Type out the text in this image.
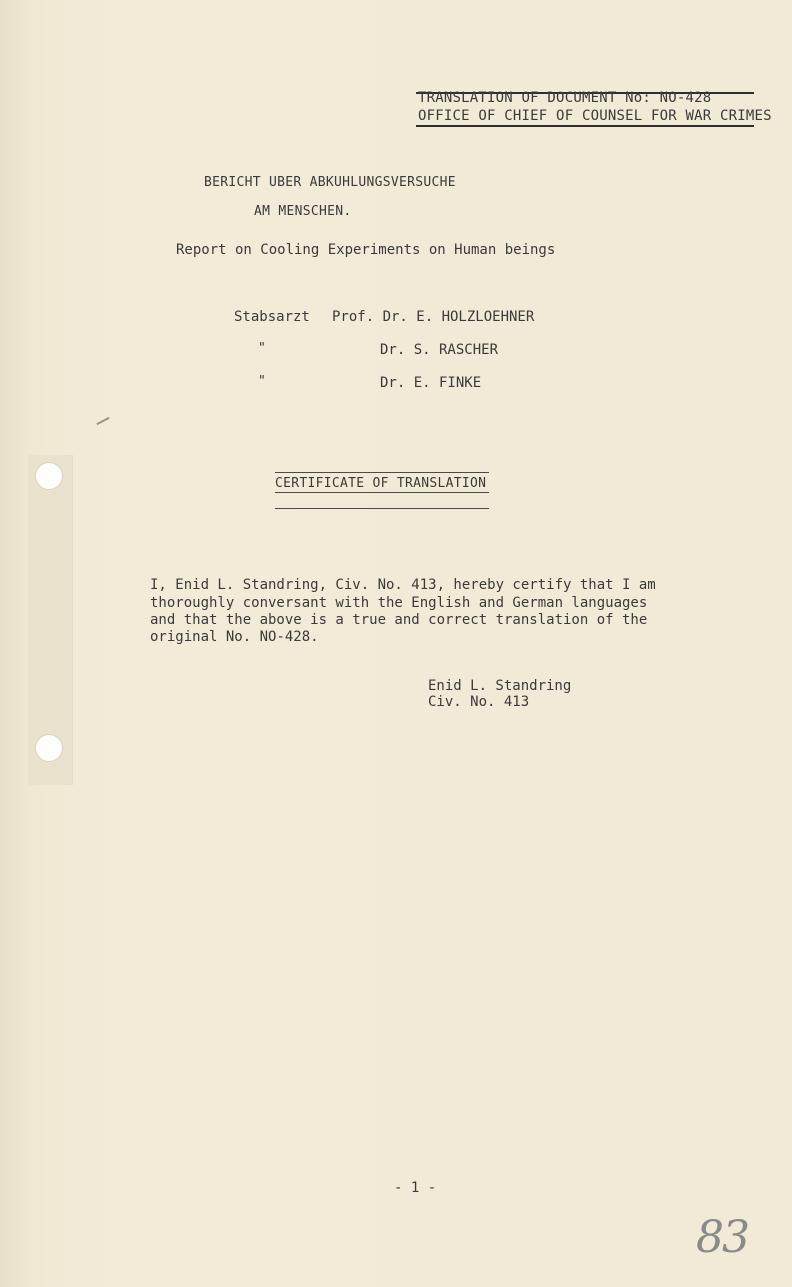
TRANSLATION OF DOCUMENT No: NO-428
OFFICE OF CHIEF OF COUNSEL FOR WAR CRIMES
BERICHT UBER ABKUHLUNGSVERSUCHE
AM MENSCHEN.
Report on Cooling Experiments on Human beings
Stabsarzt Prof. Dr. E. HOLZLOEHNER
"	Dr. S. RASCHER
"	Dr. E. FINKE
CERTIFICATE OF TRANSLATION
I, Enid L. Standring, Civ. No. 413, hereby certify that I am
thoroughly conversant with the English and German languages
and that the above is a true and correct translation of the
original No. NO-428.
Enid L. Standring
Civ. No. 413
- 1 -
83
